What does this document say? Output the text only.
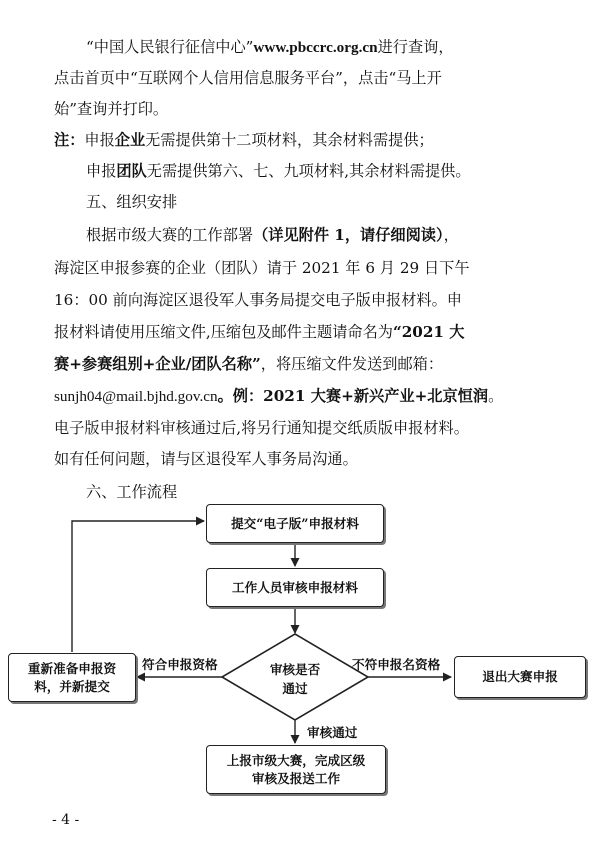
“中国人民银行征信中心”www.pbccrc.org.cn进行查询，
点击首页中“互联网个人信用信息服务平台”，点击“马上开
始”查询并打印。
注：申报企业无需提供第十二项材料，其余材料需提供；
申报团队无需提供第六、七、九项材料,其余材料需提供。
五、组织安排
根据市级大赛的工作部署（详见附件 1，请仔细阅读），
海淀区申报参赛的企业（团队）请于 2021 年 6 月 29 日下午
16：00 前向海淀区退役军人事务局提交电子版申报材料。申
报材料请使用压缩文件,压缩包及邮件主题请命名为“2021 大
赛+参赛组别+企业/团队名称”，将压缩文件发送到邮箱：
sunjh04@mail.bjhd.gov.cn。例：2021 大赛+新兴产业+北京恒润。
电子版申报材料审核通过后,将另行通知提交纸质版申报材料。
如有任何问题，请与区退役军人事务局沟通。
六、工作流程
提交“电子版”申报材料
工作人员审核申报材料
审核是否
通过
重新准备申报资
料，并新提交
退出大赛申报
上报市级大赛，完成区级
审核及报送工作
符合申报资格	不符申报名资格
审核通过
- 4 -
